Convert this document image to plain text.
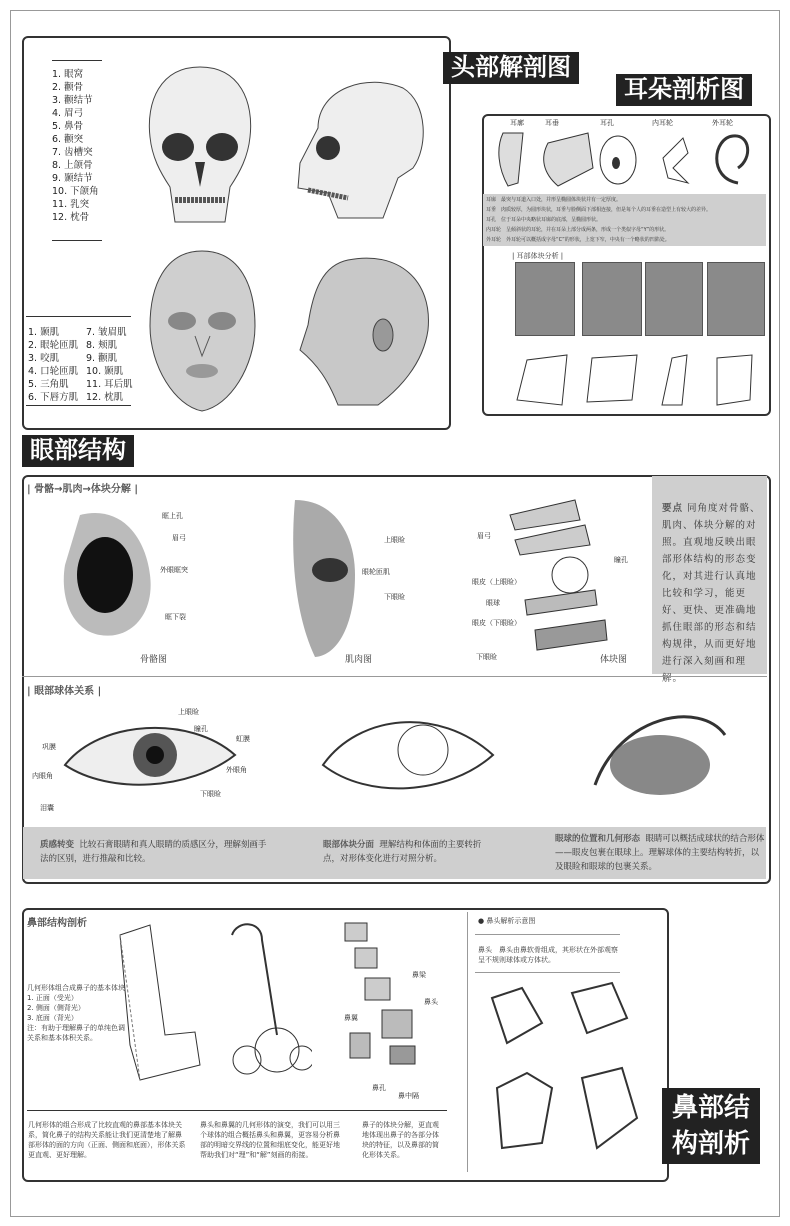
1. 眼窝
2. 颧骨
3. 颧结节
4. 眉弓
5. 鼻骨
6. 颧突
7. 齿槽突
8. 上颌骨
9. 颞结节
10. 下颌角
11. 乳突
12. 枕骨
1. 颞肌
2. 眼轮匝肌
3. 咬肌
4. 口轮匝肌
5. 三角肌
6. 下唇方肌
7. 皱眉肌
8. 颊肌
9. 颧肌
10. 颞肌
11. 耳后肌
12. 枕肌
头部解剖图
耳朵剖析图
耳廓	耳垂	耳孔	内耳轮	外耳轮
耳廓　最突与耳道入口处，并形呈椭圆体块状并有一定厚度。
耳垂　肉质较厚，为圆形块状，耳垂与脸侧面下部相连接，但是每个人的耳垂在造型上有较大的差异。
耳孔　位于耳朵中央略状耳廓的底部，呈椭圆形状。
内耳轮　呈倾斜状的耳轮，并在耳朵上部分成两条，形成一个类似字母“Y”的形状。
外耳轮　外耳轮可以概括成字母“C”的形状，上宽下窄，中央有一个略状的凹陷处。
| 耳部体块分析 |
眼部结构
| 骨骼→肌肉→体块分解 |
要点 同角度对骨骼、肌肉、体块分解的对照。直观地反映出眼部形体结构的形态变化，对其进行认真地比较和学习，能更好、更快、更准确地抓住眼部的形态和结构规律，从而更好地进行深入刻画和理解。
眶上孔
眉弓
外眼眶突
眶下裂
上眼睑
眼轮匝肌
下眼睑
眉弓
瞳孔
眼皮（上眼睑）
眼球
眼皮（下眼睑）
下眼睑
上眼睑
瞳孔
虹膜
巩膜
外眼角
内眼角
下眼睑
泪囊
| 眼部球体关系 |
质感转变 比较石膏眼睛和真人眼睛的质感区分，理解刻画手法的区别，进行推敲和比较。
眼部体块分面 理解结构和体面的主要转折点，对形体变化进行对照分析。
眼球的位置和几何形态 眼睛可以概括成球状的结合形体——眼皮包裹在眼球上。理解球体的主要结构转折，以及眼睑和眼球的包裹关系。
鼻部结构剖析
几何形体组合成鼻子的基本体块
1. 正面（受光）
2. 侧面（侧背光）
3. 底面（背光）
注：有助于理解鼻子的单纯色调关系和基本体积关系。
鼻梁
鼻翼
鼻头
鼻孔
鼻中隔
几何形体的组合形成了比较直观的鼻部基本体块关系，简化鼻子的结构关系能让我们更清楚地了解鼻部形体的面的方向（正面、侧面和底面），形体关系更直观、更好理解。
鼻头和鼻翼的几何形体的演变，我们可以用三个球体的组合概括鼻头和鼻翼，更容易分析鼻部的明暗交界线的位置和细底变化，能更好地帮助我们对“理”和“解”刻画的衔接。
鼻子的体块分解，更直观地体现出鼻子的各部分体块的特征，以及鼻部的简化形体关系。
● 鼻头解析示意图
鼻头　鼻头由鼻软骨组成，其形状在外部观察呈不规则球体或方体状。
鼻部结
构剖析
骨骼图	肌肉图	体块图
